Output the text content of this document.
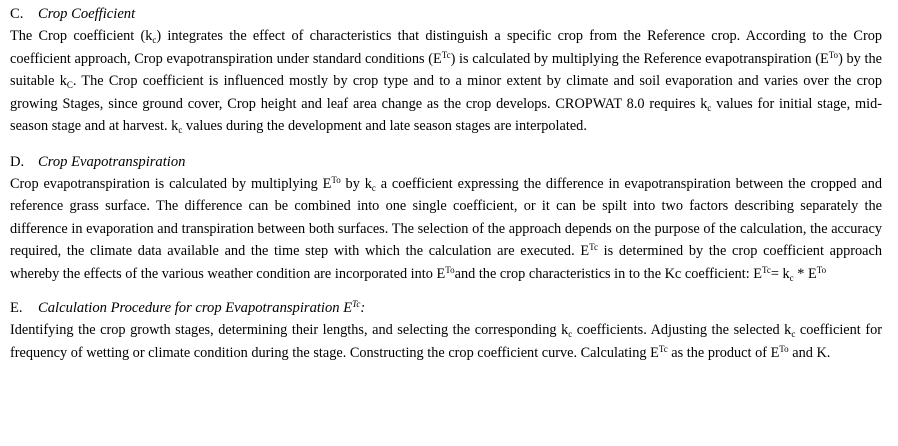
C. Crop Coefficient

The Crop coefficient $(k_c)$ integrates the effect of characteristics that distinguish a specific crop from the Reference crop. According to the Crop coefficient approach, Crop evapotranspiration under standard conditions $(E^{Tc})$ is calculated by multiplying the Reference evapotranspiration $(E^{To})$ by the suitable $k_C$. The Crop coefficient is influenced mostly by crop type and to a minor extent by climate and soil evaporation and varies over the crop growing Stages, since ground cover, Crop height and leaf area change as the crop develops. CROPWAT 8.0 requires $k_c$ values for initial stage, mid-season stage and at harvest. $k_c$ values during the development and late season stages are interpolated.

D. Crop Evapotranspiration

Crop evapotranspiration is calculated by multiplying $E^{To}$ by $k_c$ a coefficient expressing the difference in evapotranspiration between the cropped and reference grass surface. The difference can be combined into one single coefficient, or it can be spilt into two factors describing separately the difference in evaporation and transpiration between both surfaces. The selection of the approach depends on the purpose of the calculation, the accuracy required, the climate data available and the time step with which the calculation are executed. $E^{Tc}$ is determined by the crop coefficient approach whereby the effects of the various weather condition are incorporated into $E^{To}and$ the crop characteristics in to the Kc coefficient: $E^{Tc}= k_c * E^{To}$

E. Calculation Procedure for crop Evapotranspiration $E^{Tc}$:

Identifying the crop growth stages, determining their lengths, and selecting the corresponding $k_c$ coefficients. Adjusting the selected $k_c$ coefficient for frequency of wetting or climate condition during the stage. Constructing the crop coefficient curve. Calculating $E^{Tc}$ as the product of $E^{To}$ and K.
